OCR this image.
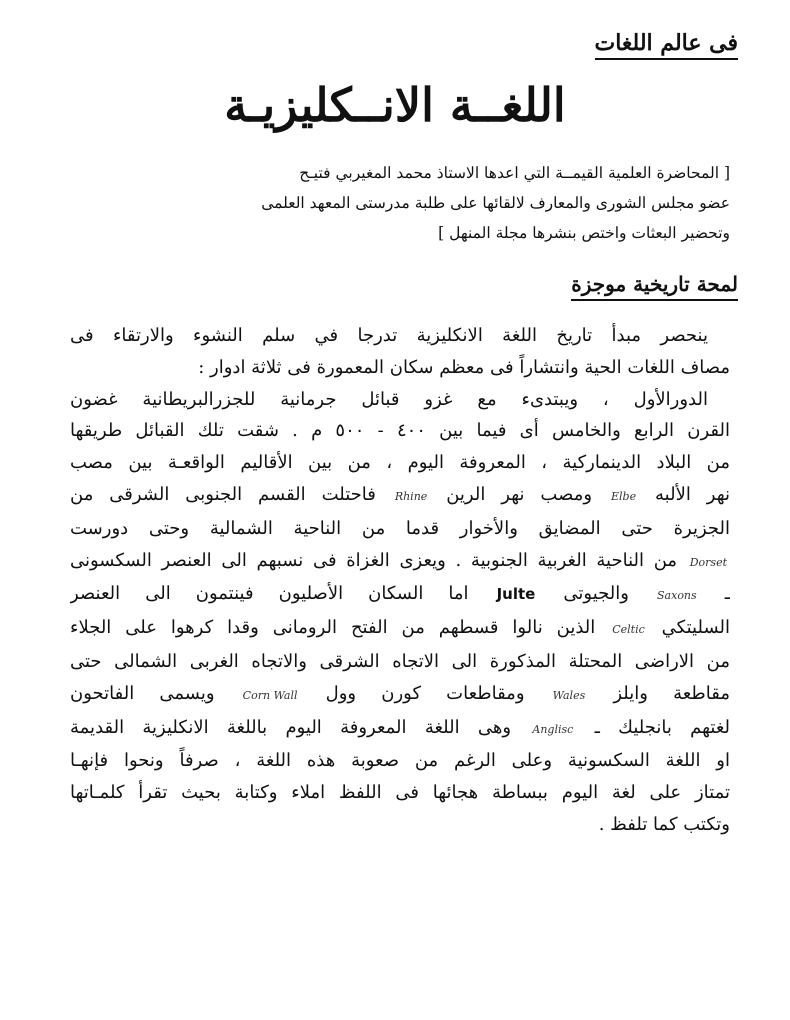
فى عالم اللغات
اللغــة الانــكليزيـة
[ المحاضرة العلمية القيمــة التي اعدها الاستاذ محمد المغيربي فتيـح
عضو مجلس الشورى والمعارف لالقائها على طلبة مدرستى المعهد العلمى
وتحضير البعثات واختص بنشرها مجلة المنهل ]
لمحة تاريخية موجزة
ينحصر مبدأ تاريخ اللغة الانكليزية تدرجا في سلم النشوء والارتقاء فى
مصاف اللغات الحية وانتشاراً فى معظم سكان المعمورة فى ثلاثة ادوار :
الدورالأول ، ويبتدىء مع غزو قبائل جرمانية للجزرالبريطانية غضون
القرن الرابع والخامس أى فيما بين ٤٠٠ - ٥٠٠ م . شقت تلك القبائل طريقها
من البلاد الدينماركية ، المعروفة اليوم ، من بين الأقاليم الواقعـة بين مصب
نهر الألبه Elbe ومصب نهر الرين Rhine فاحتلت القسم الجنوبى الشرقى من
الجزيرة حتى المضايق والأخوار قدما من الناحية الشمالية وحتى دورست
Dorset من الناحية الغربية الجنوبية . ويعزى الغزاة فى نسبهم الى العنصر السكسونى
ـ Saxons والجيوتى Julte اما السكان الأصليون فينتمون الى العنصر
السليتكي Celtic الذين نالوا قسطهم من الفتح الرومانى وقدا كرهوا على الجلاء
من الاراضى المحتلة المذكورة الى الاتجاه الشرقى والاتجاه الغربى الشمالى حتى
مقاطعة وايلز Wales ومقاطعات كورن وول Corn Wall ويسمى الفاتحون
لغتهم بانجليك ـ Anglisc وهى اللغة المعروفة اليوم باللغة الانكليزية القديمة
او اللغة السكسونية وعلى الرغم من صعوبة هذه اللغة ، صرفاً ونحوا فإنهـا
تمتاز على لغة اليوم ببساطة هجائها فى اللفظ املاء وكتابة بحيث تقرأ كلمـاتها
وتكتب كما تلفظ .
